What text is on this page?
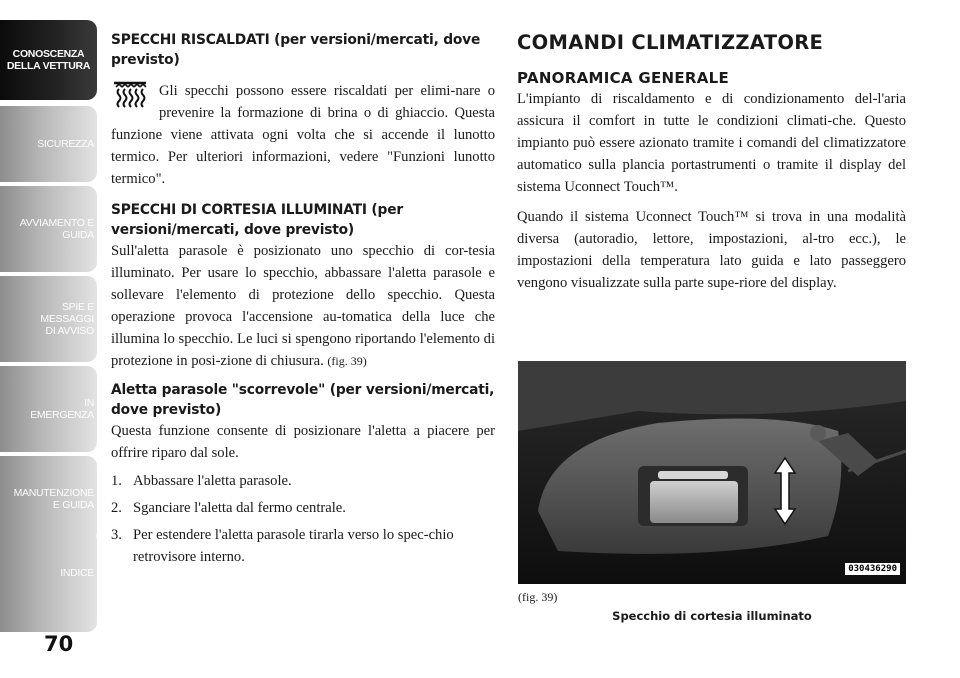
CONOSCENZA
DELLA VETTURA
SICUREZZA
AVVIAMENTO E
GUIDA
SPIE E
MESSAGGI
DI AVVISO
IN
EMERGENZA
MANUTENZIONE
E GUIDA
INDICE
70
SPECCHI RISCALDATI (per versioni/mercati, dove previsto)

Gli specchi possono essere riscaldati per elimi-nare o prevenire la formazione di brina o di ghiaccio. Questa funzione viene attivata ogni volta che si accende il lunotto termico. Per ulteriori informazioni, vedere "Funzioni lunotto termico".

SPECCHI DI CORTESIA ILLUMINATI (per versioni/mercati, dove previsto)

Sull'aletta parasole è posizionato uno specchio di cor-tesia illuminato. Per usare lo specchio, abbassare l'aletta parasole e sollevare l'elemento di protezione dello specchio. Questa operazione provoca l'accensione au-tomatica della luce che illumina lo specchio. Le luci si spengono riportando l'elemento di protezione in posi-zione di chiusura. (fig. 39)

Aletta parasole "scorrevole" (per versioni/mercati, dove previsto)

Questa funzione consente di posizionare l'aletta a piacere per offrire riparo dal sole.

1. Abbassare l'aletta parasole.
2. Sganciare l'aletta dal fermo centrale.
3. Per estendere l'aletta parasole tirarla verso lo spec-chio retrovisore interno.
COMANDI CLIMATIZZATORE
PANORAMICA GENERALE

L'impianto di riscaldamento e di condizionamento del-l'aria assicura il comfort in tutte le condizioni climati-che. Questo impianto può essere azionato tramite i comandi del climatizzatore automatico sulla plancia portastrumenti o tramite il display del sistema Uconnect Touch™.

Quando il sistema Uconnect Touch™ si trova in una modalità diversa (autoradio, lettore, impostazioni, al-tro ecc.), le impostazioni della temperatura lato guida e lato passeggero vengono visualizzate sulla parte supe-riore del display.

030436290
(fig. 39)
Specchio di cortesia illuminato
